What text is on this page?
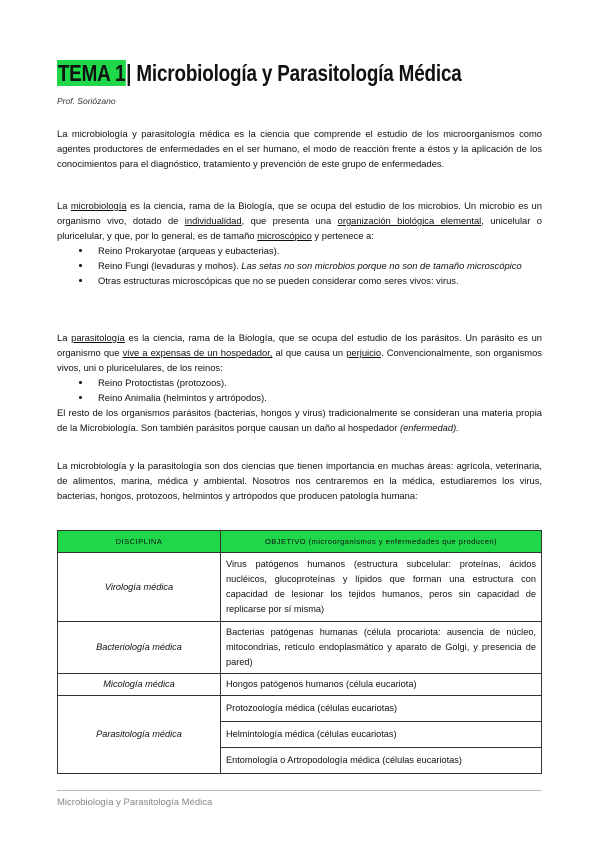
TEMA 1| Microbiología y Parasitología Médica
Prof. Soriózano
La microbiología y parasitología médica es la ciencia que comprende el estudio de los microorganismos como agentes productores de enfermedades en el ser humano, el modo de reacción frente a éstos y la aplicación de los conocimientos para el diagnóstico, tratamiento y prevención de este grupo de enfermedades.
La microbiología es la ciencia, rama de la Biología, que se ocupa del estudio de los microbios. Un microbio es un organismo vivo, dotado de individualidad, que presenta una organización biológica elemental, unicelular o pluricelular, y que, por lo general, es de tamaño microscópico y pertenece a:
• Reino Prokaryotae (arqueas y eubacterias).
• Reino Fungi (levaduras y mohos). Las setas no son microbios porque no son de tamaño microscópico
• Otras estructuras microscópicas que no se pueden considerar como seres vivos: virus.
La parasitología es la ciencia, rama de la Biología, que se ocupa del estudio de los parásitos. Un parásito es un organismo que vive a expensas de un hospedador, al que causa un perjuicio. Convencionalmente, son organismos vivos, uni o pluricelulares, de los reinos:
• Reino Protoctistas (protozoos).
• Reino Animalia (helmintos y artrópodos).
El resto de los organismos parásitos (bacterias, hongos y virus) tradicionalmente se consideran una materia propia de la Microbiología. Son también parásitos porque causan un daño al hospedador (enfermedad).
La microbiología y la parasitología son dos ciencias que tienen importancia en muchas áreas: agrícola, veterinaria, de alimentos, marina, médica y ambiental. Nosotros nos centraremos en la médica, estudiaremos los virus, bacterias, hongos, protozoos, helmintos y artrópodos que producen patología humana:
DISCIPLINA	OBJETIVO (microorganismos y enfermedades que producen)
Virología médica	Virus patógenos humanos (estructura subcelular: proteínas, ácidos nucléicos, glucoproteínas y lípidos que forman una estructura con capacidad de lesionar los tejidos humanos, peros sin capacidad de replicarse por sí misma)
Bacteriología médica	Bacterias patógenas humanas (célula procariota: ausencia de núcleo, mitocondrias, retículo endoplasmático y aparato de Golgi, y presencia de pared)
Micología médica	Hongos patógenos humanos (célula eucariota)
Parasitología médica	Protozoología médica (células eucariotas)
	Helmintología médica (células eucariotas)
	Entomología o Artropodología médica (células eucariotas)
Microbiología y Parasitología Médica
